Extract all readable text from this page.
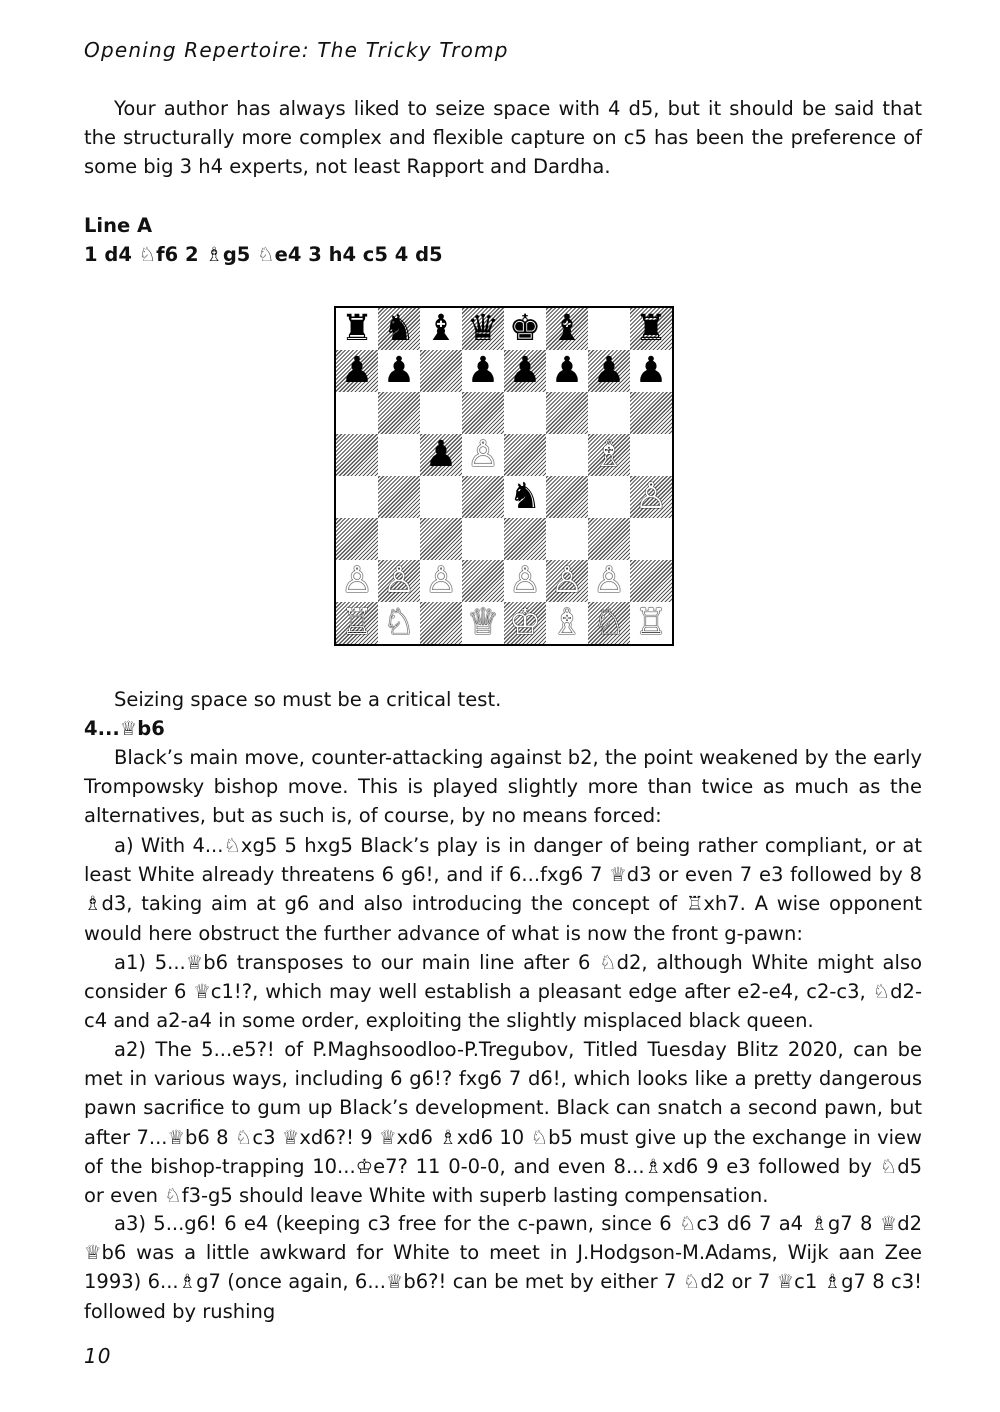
Opening Repertoire: The Tricky Tromp
Your author has always liked to seize space with 4 d5, but it should be said that the structurally more complex and flexible capture on c5 has been the preference of some big 3 h4 experts, not least Rapport and Dardha.
Line A
1 d4 ♘f6 2 ♗g5 ♘e4 3 h4 c5 4 d5
♜ ♞ ♝ ♛ ♚ ♝ ♜
♟ ♟ ♟ ♟ ♟ ♟ ♟
♟ ♙	♗
♞	♙
♙ ♙ ♙ ♙ ♙ ♙
♖ ♘ ♕ ♔ ♗ ♘ ♖
Seizing space so must be a critical test.
4...♕b6
Black’s main move, counter-attacking against b2, the point weakened by the early Trompowsky bishop move. This is played slightly more than twice as much as the alternatives, but as such is, of course, by no means forced:
a) With 4...♘xg5 5 hxg5 Black’s play is in danger of being rather compliant, or at least White already threatens 6 g6!, and if 6...fxg6 7 ♕d3 or even 7 e3 followed by 8 ♗d3, taking aim at g6 and also introducing the concept of ♖xh7. A wise opponent would here obstruct the further advance of what is now the front g-pawn:
a1) 5...♕b6 transposes to our main line after 6 ♘d2, although White might also consider 6 ♕c1!?, which may well establish a pleasant edge after e2-e4, c2-c3, ♘d2-c4 and a2-a4 in some order, exploiting the slightly misplaced black queen.
a2) The 5...e5?! of P.Maghsoodloo-P.Tregubov, Titled Tuesday Blitz 2020, can be met in various ways, including 6 g6!? fxg6 7 d6!, which looks like a pretty dangerous pawn sacrifice to gum up Black’s development. Black can snatch a second pawn, but after 7...♕b6 8 ♘c3 ♕xd6?! 9 ♕xd6 ♗xd6 10 ♘b5 must give up the exchange in view of the bishop-trapping 10...♔e7? 11 0-0-0, and even 8...♗xd6 9 e3 followed by ♘d5 or even ♘f3-g5 should leave White with superb lasting compensation.
a3) 5...g6! 6 e4 (keeping c3 free for the c-pawn, since 6 ♘c3 d6 7 a4 ♗g7 8 ♕d2 ♕b6 was a little awkward for White to meet in J.Hodgson-M.Adams, Wijk aan Zee 1993) 6...♗g7 (once again, 6...♕b6?! can be met by either 7 ♘d2 or 7 ♕c1 ♗g7 8 c3! followed by rushing
10
